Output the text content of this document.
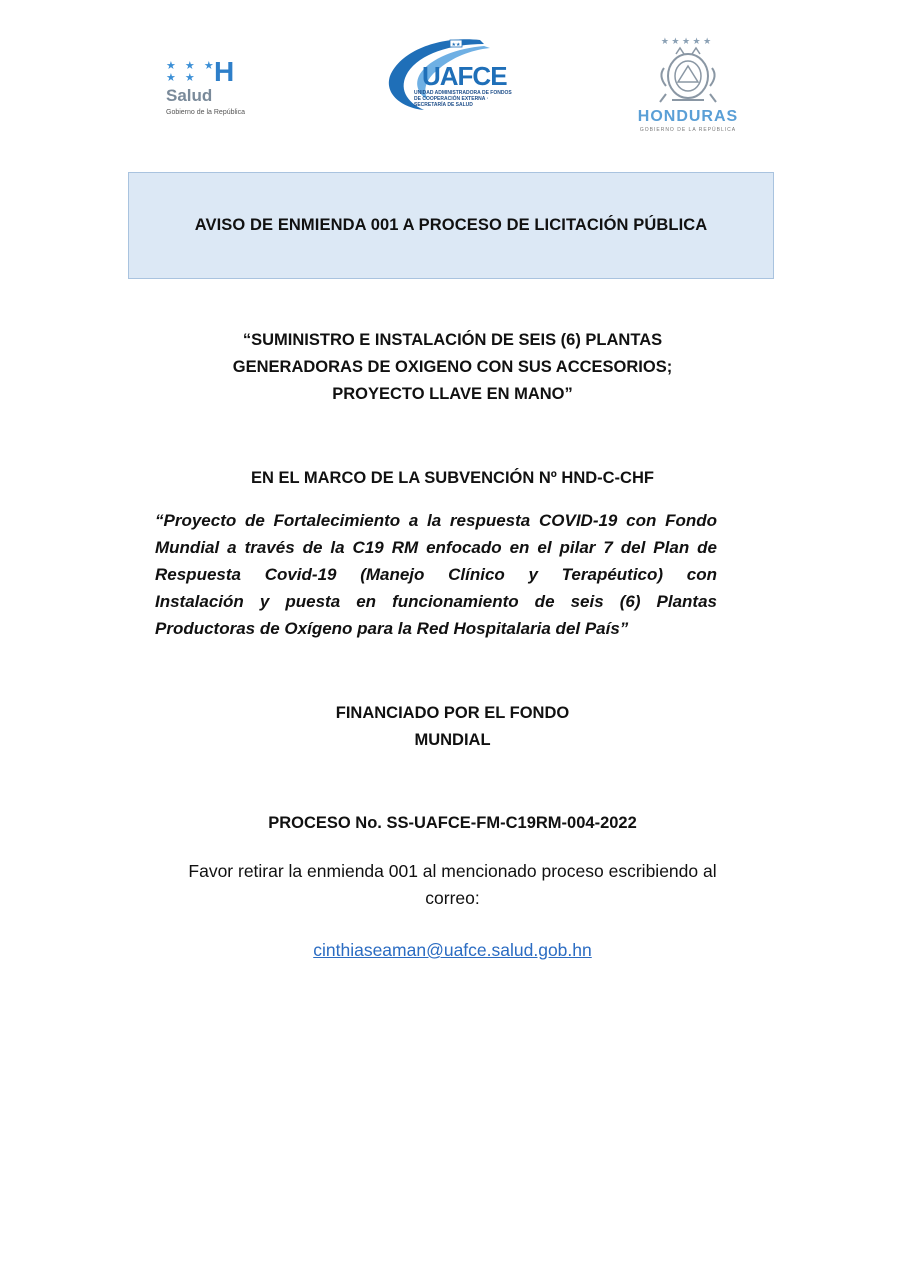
★ ★ ★
★ ★ H
Salud
Gobierno de la República
★★
UAFCE
UNIDAD ADMINISTRADORA DE FONDOS DE COOPERACIÓN EXTERNA · SECRETARÍA DE SALUD
★ ★ ★ ★ ★
HONDURAS
GOBIERNO DE LA REPÚBLICA
AVISO DE ENMIENDA 001 A PROCESO DE LICITACIÓN PÚBLICA
“SUMINISTRO E INSTALACIÓN DE SEIS (6) PLANTAS
GENERADORAS DE OXIGENO CON SUS ACCESORIOS;
PROYECTO LLAVE EN MANO”
EN EL MARCO DE LA SUBVENCIÓN Nº HND-C-CHF
“Proyecto de Fortalecimiento a la respuesta COVID-19 con Fondo
Mundial a través de la C19 RM enfocado en el pilar 7 del Plan de
Respuesta Covid-19 (Manejo Clínico y Terapéutico) con
Instalación y puesta en funcionamiento de seis (6) Plantas
Productoras de Oxígeno para la Red Hospitalaria del País”
FINANCIADO POR EL FONDO
MUNDIAL
PROCESO No. SS-UAFCE-FM-C19RM-004-2022
Favor retirar la enmienda 001 al mencionado proceso escribiendo al
correo:
cinthiaseaman@uafce.salud.gob.hn
